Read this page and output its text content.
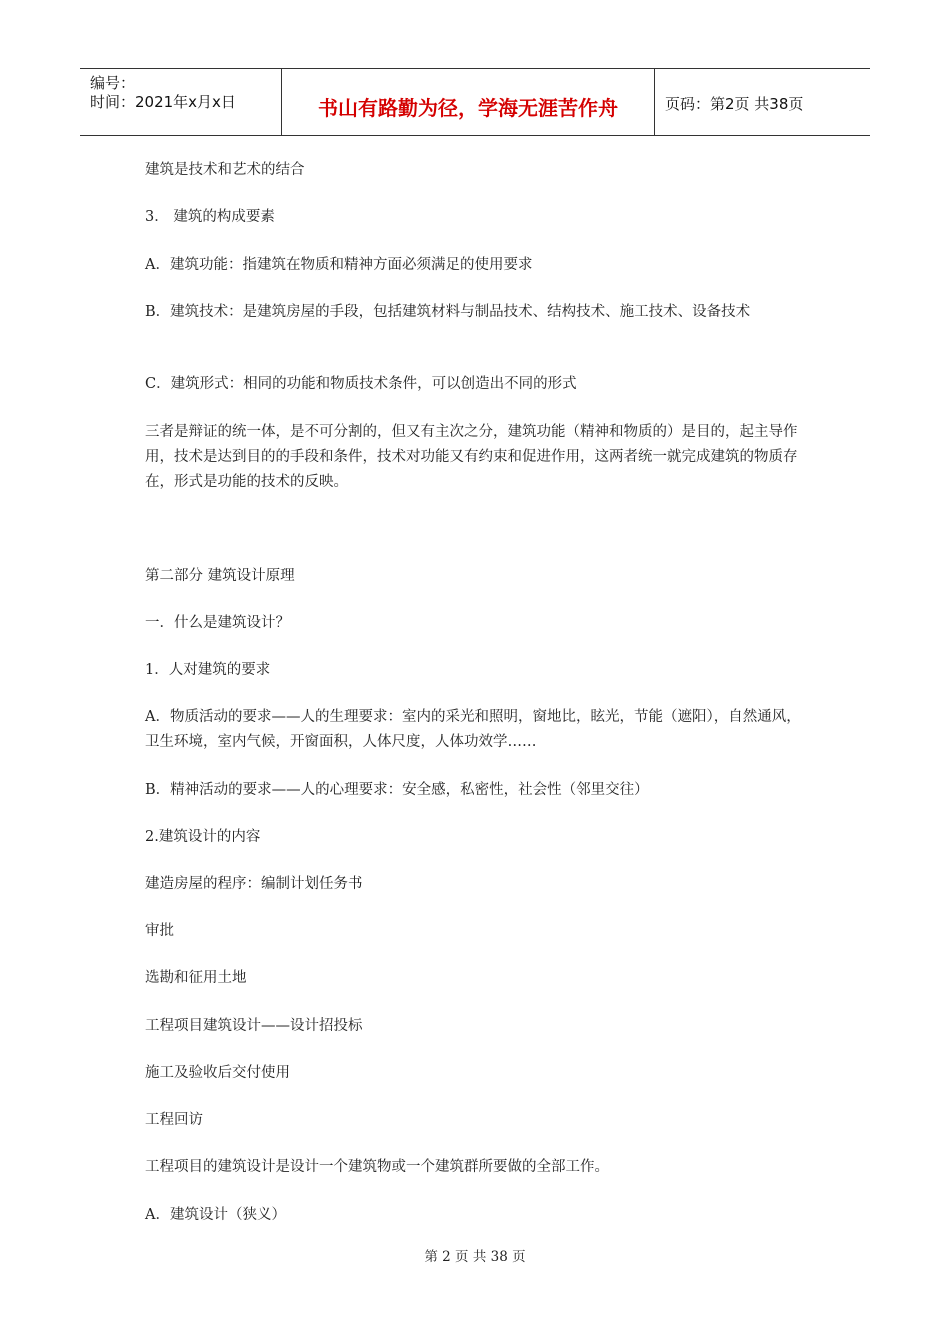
编号：
时间：2021年x月x日	书山有路勤为径，学海无涯苦作舟	页码：第2页 共38页

建筑是技术和艺术的结合

3． 建筑的构成要素

A．建筑功能：指建筑在物质和精神方面必须满足的使用要求

B．建筑技术：是建筑房屋的手段，包括建筑材料与制品技术、结构技术、施工技术、设备技术

C．建筑形式：相同的功能和物质技术条件，可以创造出不同的形式

三者是辩证的统一体，是不可分割的，但又有主次之分，建筑功能（精神和物质的）是目的，起主导作用，技术是达到目的的手段和条件，技术对功能又有约束和促进作用，这两者统一就完成建筑的物质存在，形式是功能的技术的反映。

第二部分 建筑设计原理

一．什么是建筑设计？

1．人对建筑的要求

A．物质活动的要求——人的生理要求：室内的采光和照明，窗地比，眩光，节能（遮阳），自然通风，卫生环境，室内气候，开窗面积，人体尺度，人体功效学……

B．精神活动的要求——人的心理要求：安全感，私密性，社会性（邻里交往）

2.建筑设计的内容

建造房屋的程序：编制计划任务书

审批

选勘和征用土地

工程项目建筑设计——设计招投标

施工及验收后交付使用

工程回访

工程项目的建筑设计是设计一个建筑物或一个建筑群所要做的全部工作。

A．建筑设计（狭义）

第 2 页 共 38 页
